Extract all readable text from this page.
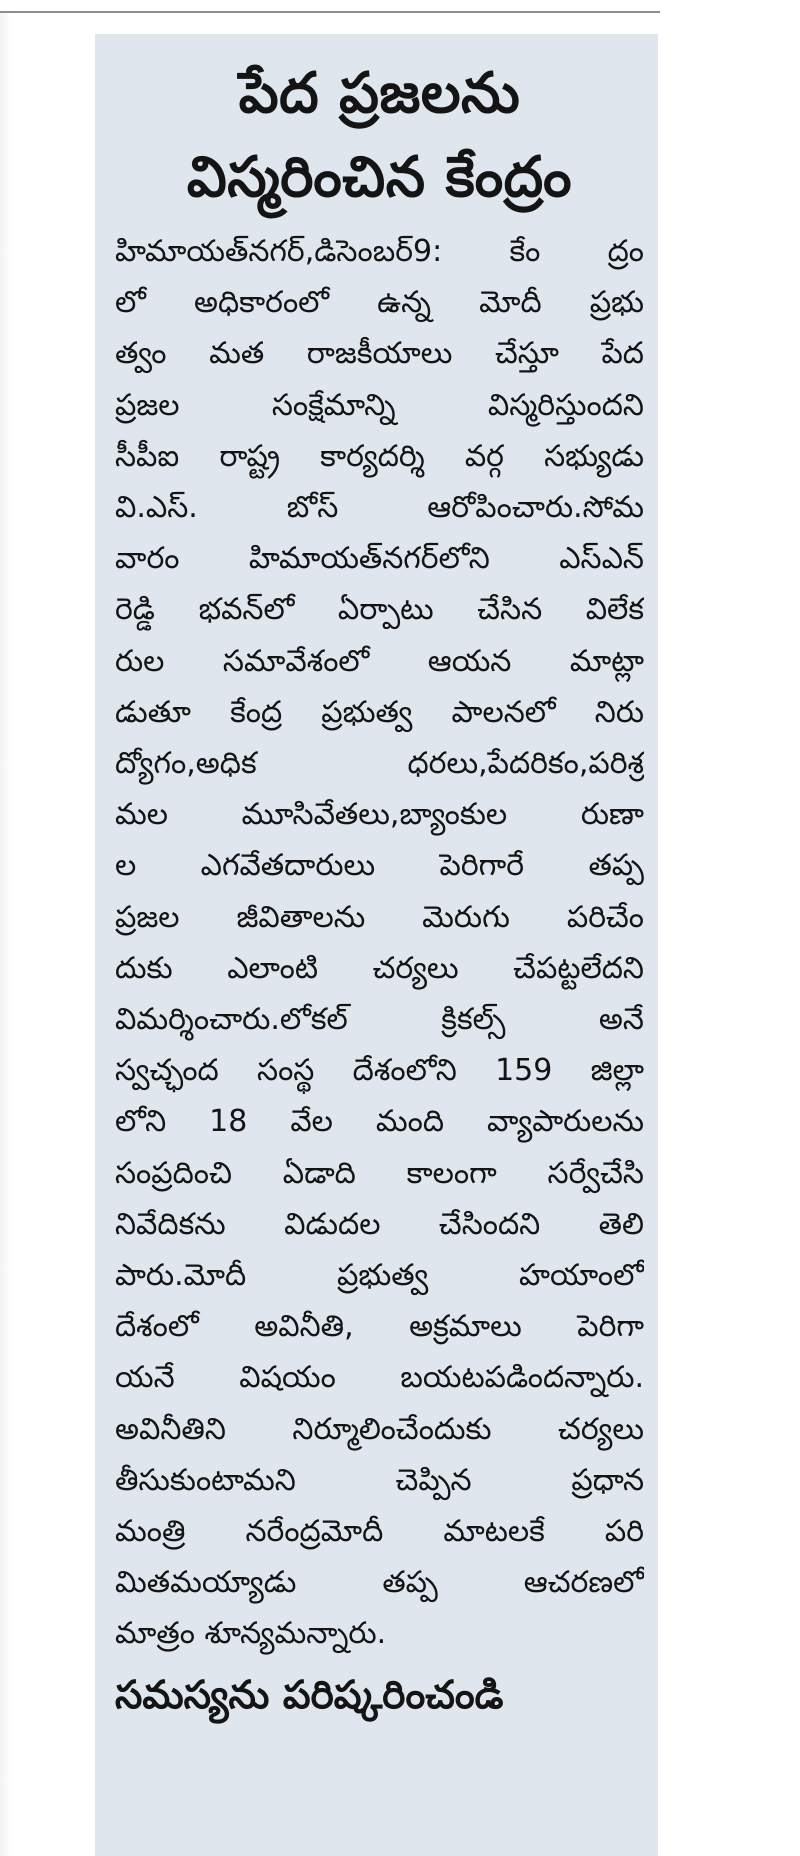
పేద ప్రజలను
విస్మరించిన కేంద్రం
హిమాయత్‌నగర్,డిసెంబర్9: కేం ద్రం
లో అధికారంలో ఉన్న మోదీ ప్రభు
త్వం మత రాజకీయాలు చేస్తూ పేద
ప్రజల సంక్షేమాన్ని విస్మరిస్తుందని
సీపీఐ రాష్ట్ర కార్యదర్శి వర్గ సభ్యుడు
వి.ఎస్. బోస్ ఆరోపించారు.సోమ
వారం హిమాయత్‌నగర్‌లోని ఎస్‌ఎన్
రెడ్డి భవన్‌లో ఏర్పాటు చేసిన విలేక
రుల సమావేశంలో ఆయన మాట్లా
డుతూ కేంద్ర ప్రభుత్వ పాలనలో నిరు
ద్యోగం,అధిక ధరలు,పేదరికం,పరిశ్ర
మల మూసివేతలు,బ్యాంకుల రుణా
ల ఎగవేతదారులు పెరిగారే తప్ప
ప్రజల జీవితాలను మెరుగు పరిచేం
దుకు ఎలాంటి చర్యలు చేపట్టలేదని
విమర్శించారు.లోకల్ క్రికల్స్ అనే
స్వచ్ఛంద సంస్థ దేశంలోని 159 జిల్లా
లోని 18 వేల మంది వ్యాపారులను
సంప్రదించి ఏడాది కాలంగా సర్వేచేసి
నివేదికను విడుదల చేసిందని తెలి
పారు.మోదీ ప్రభుత్వ హయాంలో
దేశంలో అవినీతి, అక్రమాలు పెరిగా
యనే విషయం బయటపడిందన్నారు.
అవినీతిని నిర్మూలించేందుకు చర్యలు
తీసుకుంటామని చెప్పిన ప్రధాన
మంత్రి నరేంద్రమోదీ మాటలకే పరి
మితమయ్యాడు తప్ప ఆచరణలో
మాత్రం శూన్యమన్నారు.
సమస్యను పరిష్కరించండి
